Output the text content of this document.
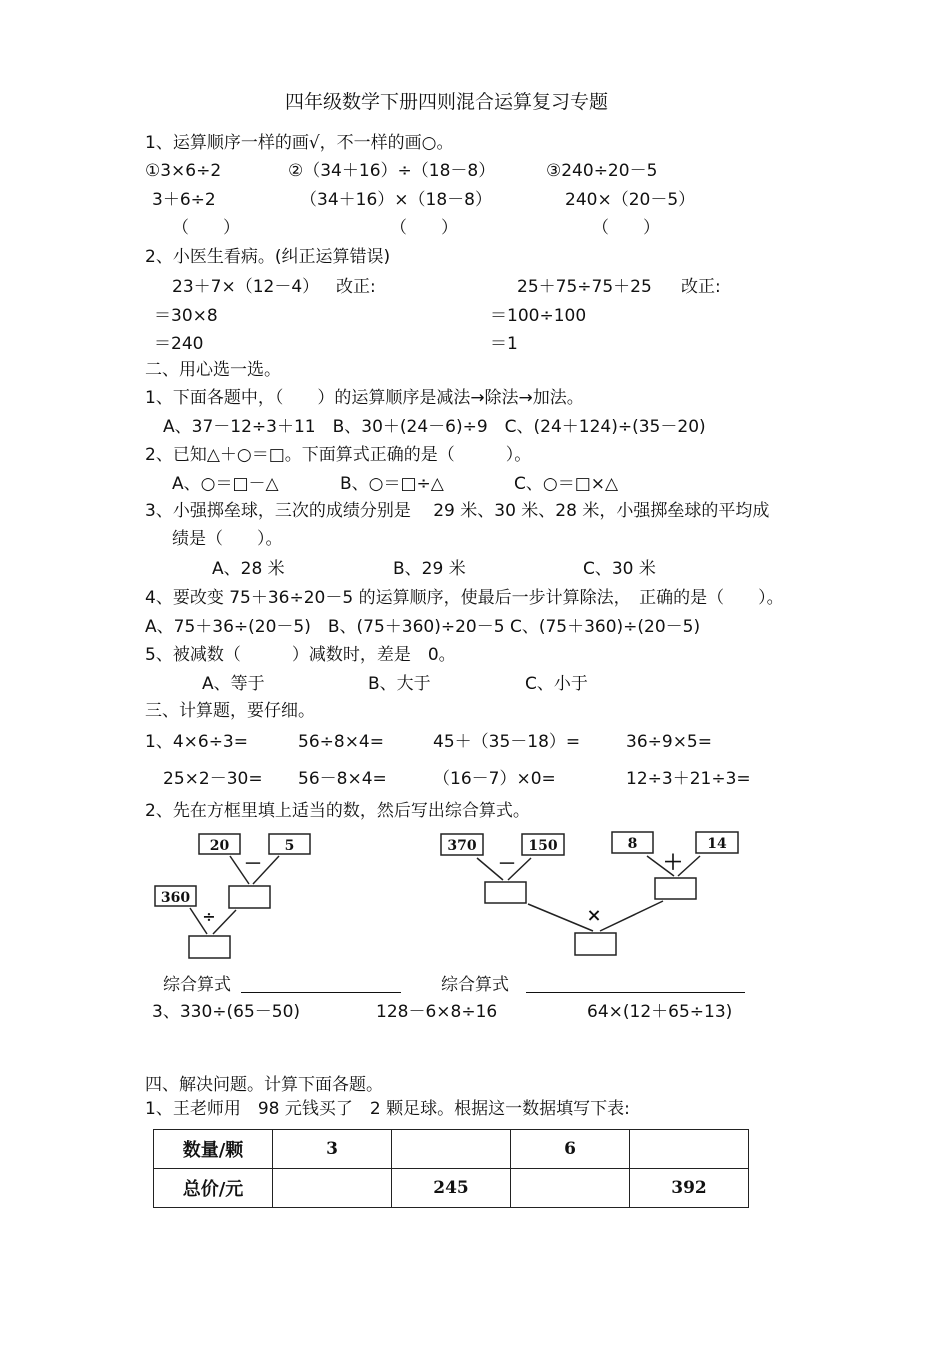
四年级数学下册四则混合运算复习专题
1、运算顺序一样的画√，不一样的画○。
①3×6÷2
3＋6÷2
（　　）
②（34＋16）÷（18－8）
（34＋16）×（18－8）
（　　）
③240÷20－5
240×（20－5）
（　　）
2、小医生看病。(纠正运算错误)
23＋7×（12－4） 改正:
＝30×8
＝240
25＋75÷75＋25 改正:
＝100÷100
＝1
二、用心选一选。
1、下面各题中，（　　）的运算顺序是减法→除法→加法。
A、37－12÷3＋11　B、30＋(24－6)÷9　C、(24＋124)÷(35－20)
2、已知△＋○＝□。下面算式正确的是（　　　）。
A、○＝□－△	B、○＝□÷△	C、○＝□×△
3、小强掷垒球，三次的成绩分别是　 29 米、30 米、28 米，小强掷垒球的平均成
绩是（　　）。
A、28 米	B、29 米	C、30 米
4、要改变 75＋36÷20－5 的运算顺序，使最后一步计算除法，　正确的是（　　）。
A、75＋36÷(20－5)　B、(75＋360)÷20－5 C、(75＋360)÷(20－5)
5、被减数（　　　）减数时，差是　0。
A、等于	B、大于	C、小于
三、计算题，要仔细。
1、4×6÷3=	56÷8×4=	45＋（35－18）=	36÷9×5=
25×2－30= 56－8×4=	（16－7）×0=	12÷3＋21÷3=
2、先在方框里填上适当的数，然后写出综合算式。
20	5
360
－
÷
370	150	8	14
－	＋
×
综合算式	综合算式
3、330÷(65－50)	128－6×8÷16	64×(12＋65÷13)
四、解决问题。计算下面各题。
1、王老师用　98 元钱买了　2 颗足球。根据这一数据填写下表:
数量/颗	3		6	
总价/元		245		392
